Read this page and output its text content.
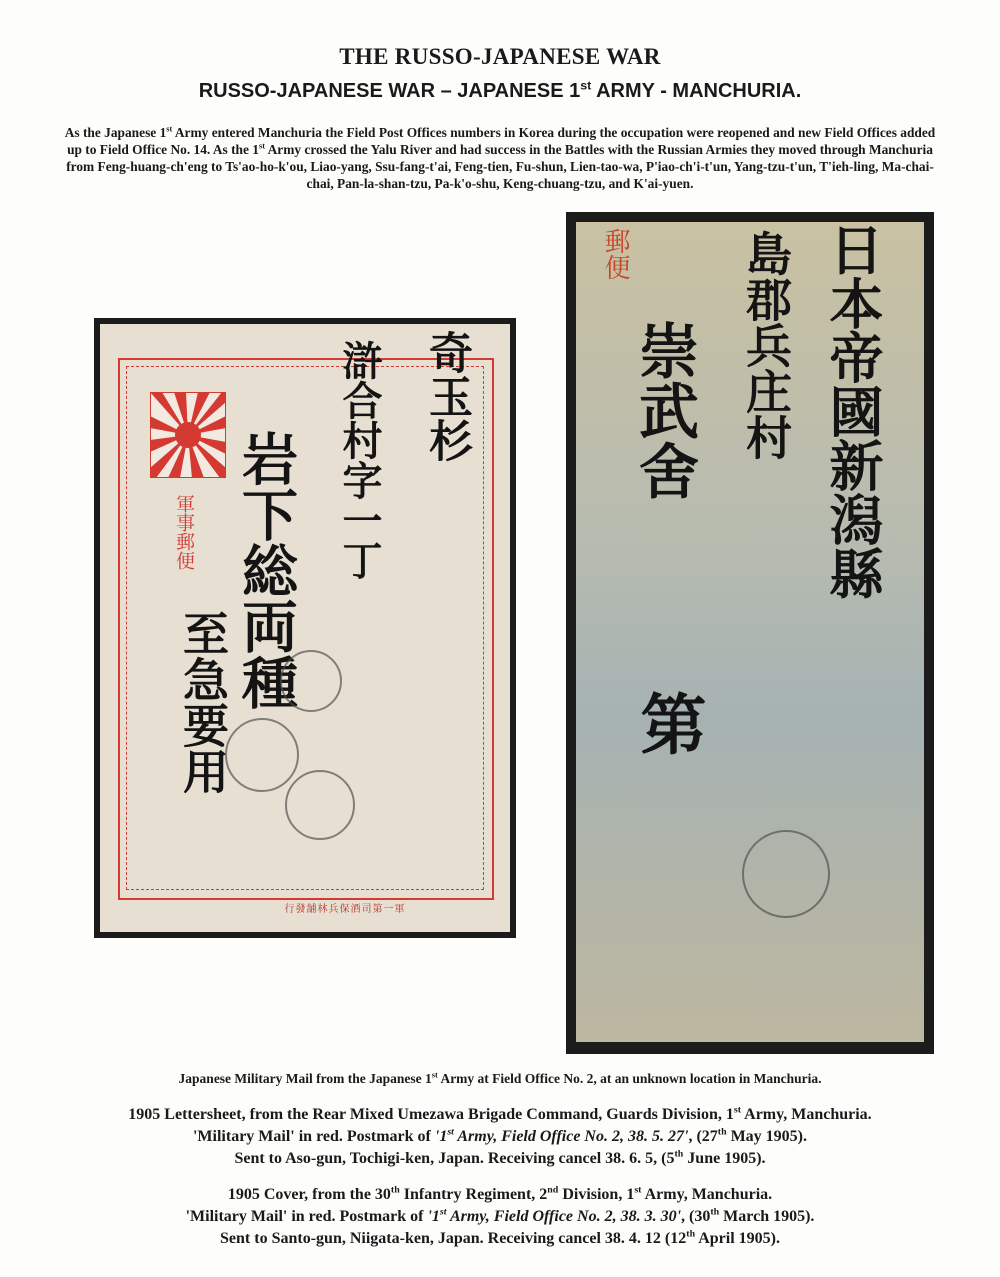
THE RUSSO-JAPANESE WAR
RUSSO-JAPANESE WAR – JAPANESE 1st ARMY - MANCHURIA.
As the Japanese 1st Army entered Manchuria the Field Post Offices numbers in Korea during the occupation were reopened and new Field Offices added up to Field Office No. 14. As the 1st Army crossed the Yalu River and had success in the Battles with the Russian Armies they moved through Manchuria from Feng-huang-ch'eng to Ts'ao-ho-k'ou, Liao-yang, Ssu-fang-t'ai, Feng-tien, Fu-shun, Lien-tao-wa, P'iao-ch'i-t'un, Yang-tzu-t'un, T'ieh-ling, Ma-chai-chai, Pan-la-shan-tzu, Pa-k'o-shu, Keng-chuang-tzu, and K'ai-yuen.
軍事郵便
奇玉杉
滸合村字一丁
岩下総両種
至急要用
行發舗林兵保酒司第一軍
郵便	日本帝國新潟縣
島郡兵庄村
崇武舍
第
Japanese Military Mail from the Japanese 1st Army at Field Office No. 2, at an unknown location in Manchuria.
1905 Lettersheet, from the Rear Mixed Umezawa Brigade Command, Guards Division, 1st Army, Manchuria.
'Military Mail' in red. Postmark of '1st Army, Field Office No. 2, 38. 5. 27', (27th May 1905).
Sent to Aso-gun, Tochigi-ken, Japan. Receiving cancel 38. 6. 5, (5th June 1905).
1905 Cover, from the 30th Infantry Regiment, 2nd Division, 1st Army, Manchuria.
'Military Mail' in red. Postmark of '1st Army, Field Office No. 2, 38. 3. 30', (30th March 1905).
Sent to Santo-gun, Niigata-ken, Japan. Receiving cancel 38. 4. 12 (12th April 1905).
